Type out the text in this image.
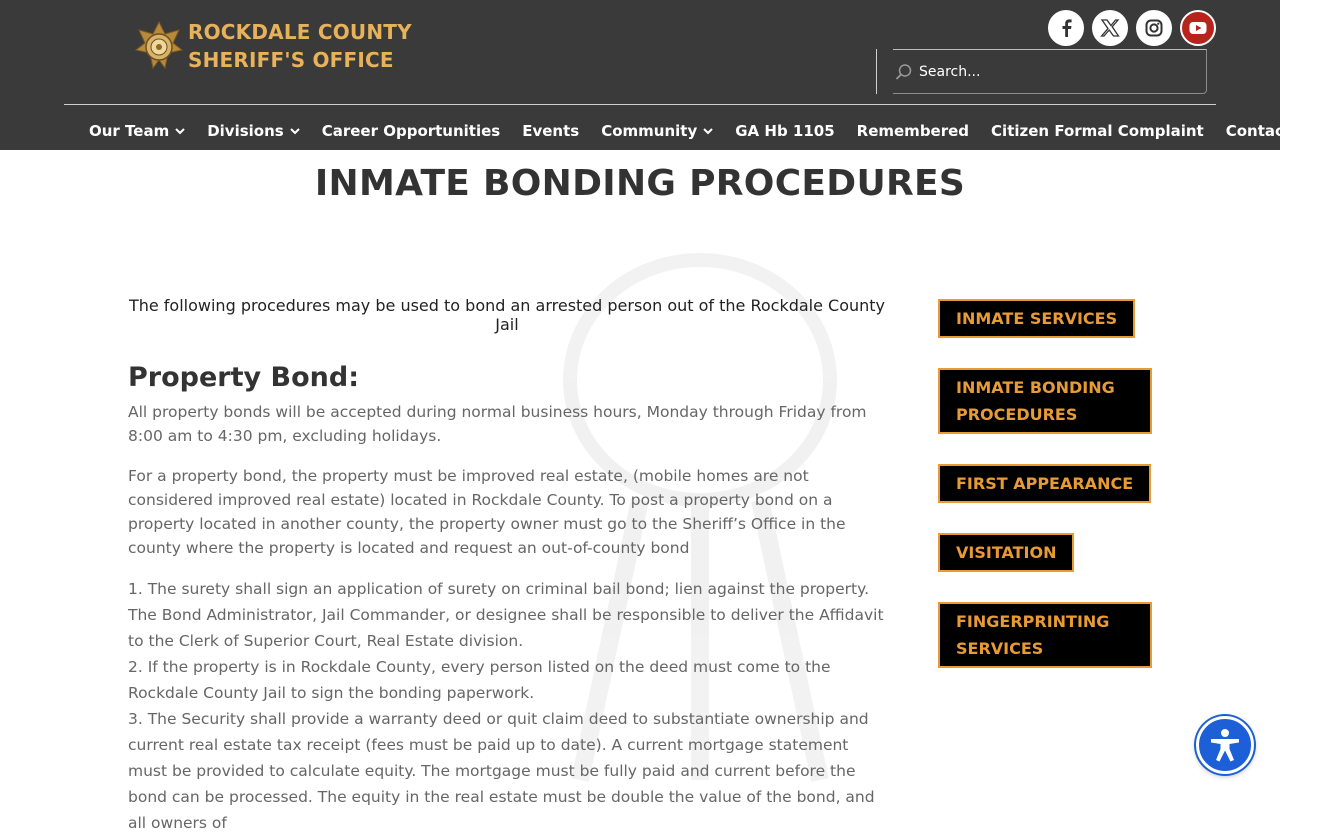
ROCKDALE COUNTY
SHERIFF'S OFFICE
Search...
Our Team	Divisions	Career Opportunities Events Community	GA Hb 1105 Remembered Citizen Formal Complaint Contact Us
INMATE BONDING PROCEDURES

The following procedures may be used to bond an arrested person out of the Rockdale County Jail

Property Bond:

All property bonds will be accepted during normal business hours, Monday through Friday from 8:00 am to 4:30 pm, excluding holidays.

For a property bond, the property must be improved real estate, (mobile homes are not considered improved real estate) located in Rockdale County. To post a property bond on a property located in another county, the property owner must go to the Sheriff’s Office in the county where the property is located and request an out-of-county bond

1. The surety shall sign an application of surety on criminal bail bond; lien against the property. The Bond Administrator, Jail Commander, or designee shall be responsible to deliver the Affidavit to the Clerk of Superior Court, Real Estate division.
2. If the property is in Rockdale County, every person listed on the deed must come to the Rockdale County Jail to sign the bonding paperwork.
3. The Security shall provide a warranty deed or quit claim deed to substantiate ownership and current real estate tax receipt (fees must be paid up to date). A current mortgage statement must be provided to calculate equity. The mortgage must be fully paid and current before the bond can be processed. The equity in the real estate must be double the value of the bond, and all owners of
INMATE SERVICES
INMATE BONDING PROCEDURES
FIRST APPEARANCE
VISITATION
FINGERPRINTING SERVICES
